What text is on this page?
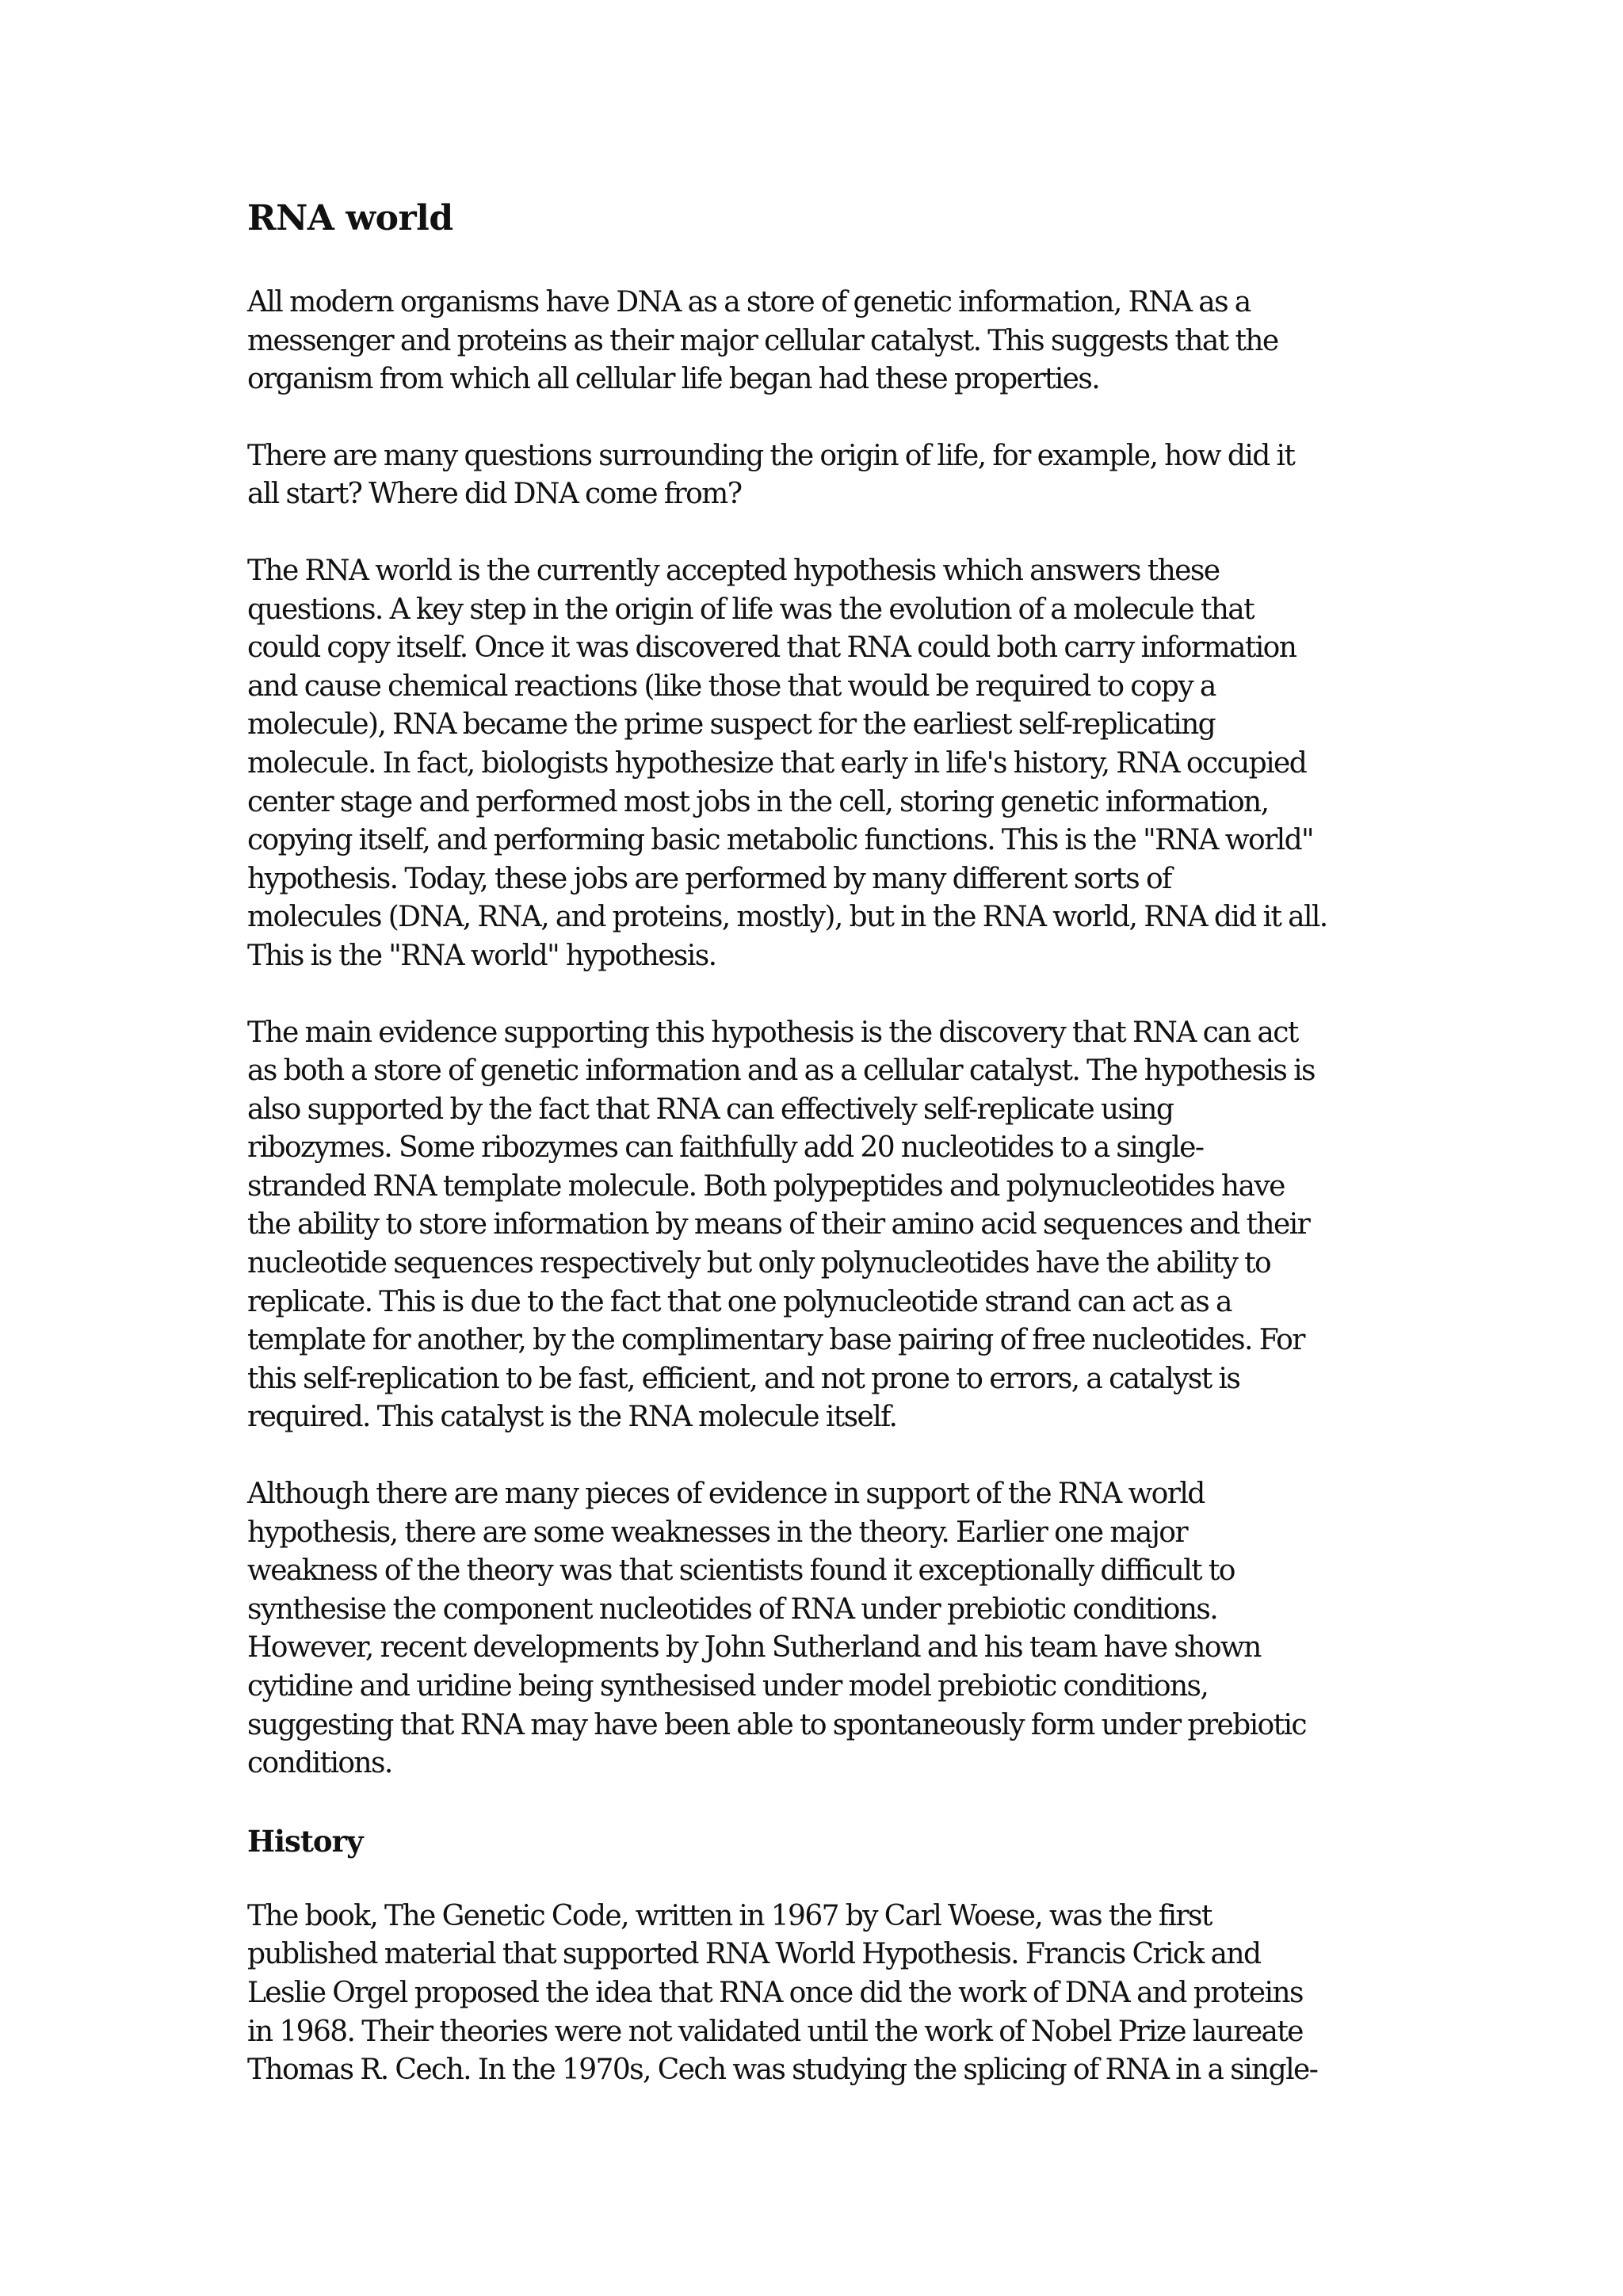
RNA world

All modern organisms have DNA as a store of genetic information, RNA as a
messenger and proteins as their major cellular catalyst. This suggests that the
organism from which all cellular life began had these properties.

There are many questions surrounding the origin of life, for example, how did it
all start? Where did DNA come from?

The RNA world is the currently accepted hypothesis which answers these
questions. A key step in the origin of life was the evolution of a molecule that
could copy itself. Once it was discovered that RNA could both carry information
and cause chemical reactions (like those that would be required to copy a
molecule), RNA became the prime suspect for the earliest self-replicating
molecule. In fact, biologists hypothesize that early in life's history, RNA occupied
center stage and performed most jobs in the cell, storing genetic information,
copying itself, and performing basic metabolic functions. This is the "RNA world"
hypothesis. Today, these jobs are performed by many different sorts of
molecules (DNA, RNA, and proteins, mostly), but in the RNA world, RNA did it all.
This is the "RNA world" hypothesis.

The main evidence supporting this hypothesis is the discovery that RNA can act
as both a store of genetic information and as a cellular catalyst. The hypothesis is
also supported by the fact that RNA can effectively self-replicate using
ribozymes. Some ribozymes can faithfully add 20 nucleotides to a single-
stranded RNA template molecule. Both polypeptides and polynucleotides have
the ability to store information by means of their amino acid sequences and their
nucleotide sequences respectively but only polynucleotides have the ability to
replicate. This is due to the fact that one polynucleotide strand can act as a
template for another, by the complimentary base pairing of free nucleotides. For
this self-replication to be fast, efficient, and not prone to errors, a catalyst is
required. This catalyst is the RNA molecule itself.

Although there are many pieces of evidence in support of the RNA world
hypothesis, there are some weaknesses in the theory. Earlier one major
weakness of the theory was that scientists found it exceptionally difficult to
synthesise the component nucleotides of RNA under prebiotic conditions.
However, recent developments by John Sutherland and his team have shown
cytidine and uridine being synthesised under model prebiotic conditions,
suggesting that RNA may have been able to spontaneously form under prebiotic
conditions.

History

The book, The Genetic Code, written in 1967 by Carl Woese, was the first
published material that supported RNA World Hypothesis. Francis Crick and
Leslie Orgel proposed the idea that RNA once did the work of DNA and proteins
in 1968. Their theories were not validated until the work of Nobel Prize laureate
Thomas R. Cech. In the 1970s, Cech was studying the splicing of RNA in a single-
